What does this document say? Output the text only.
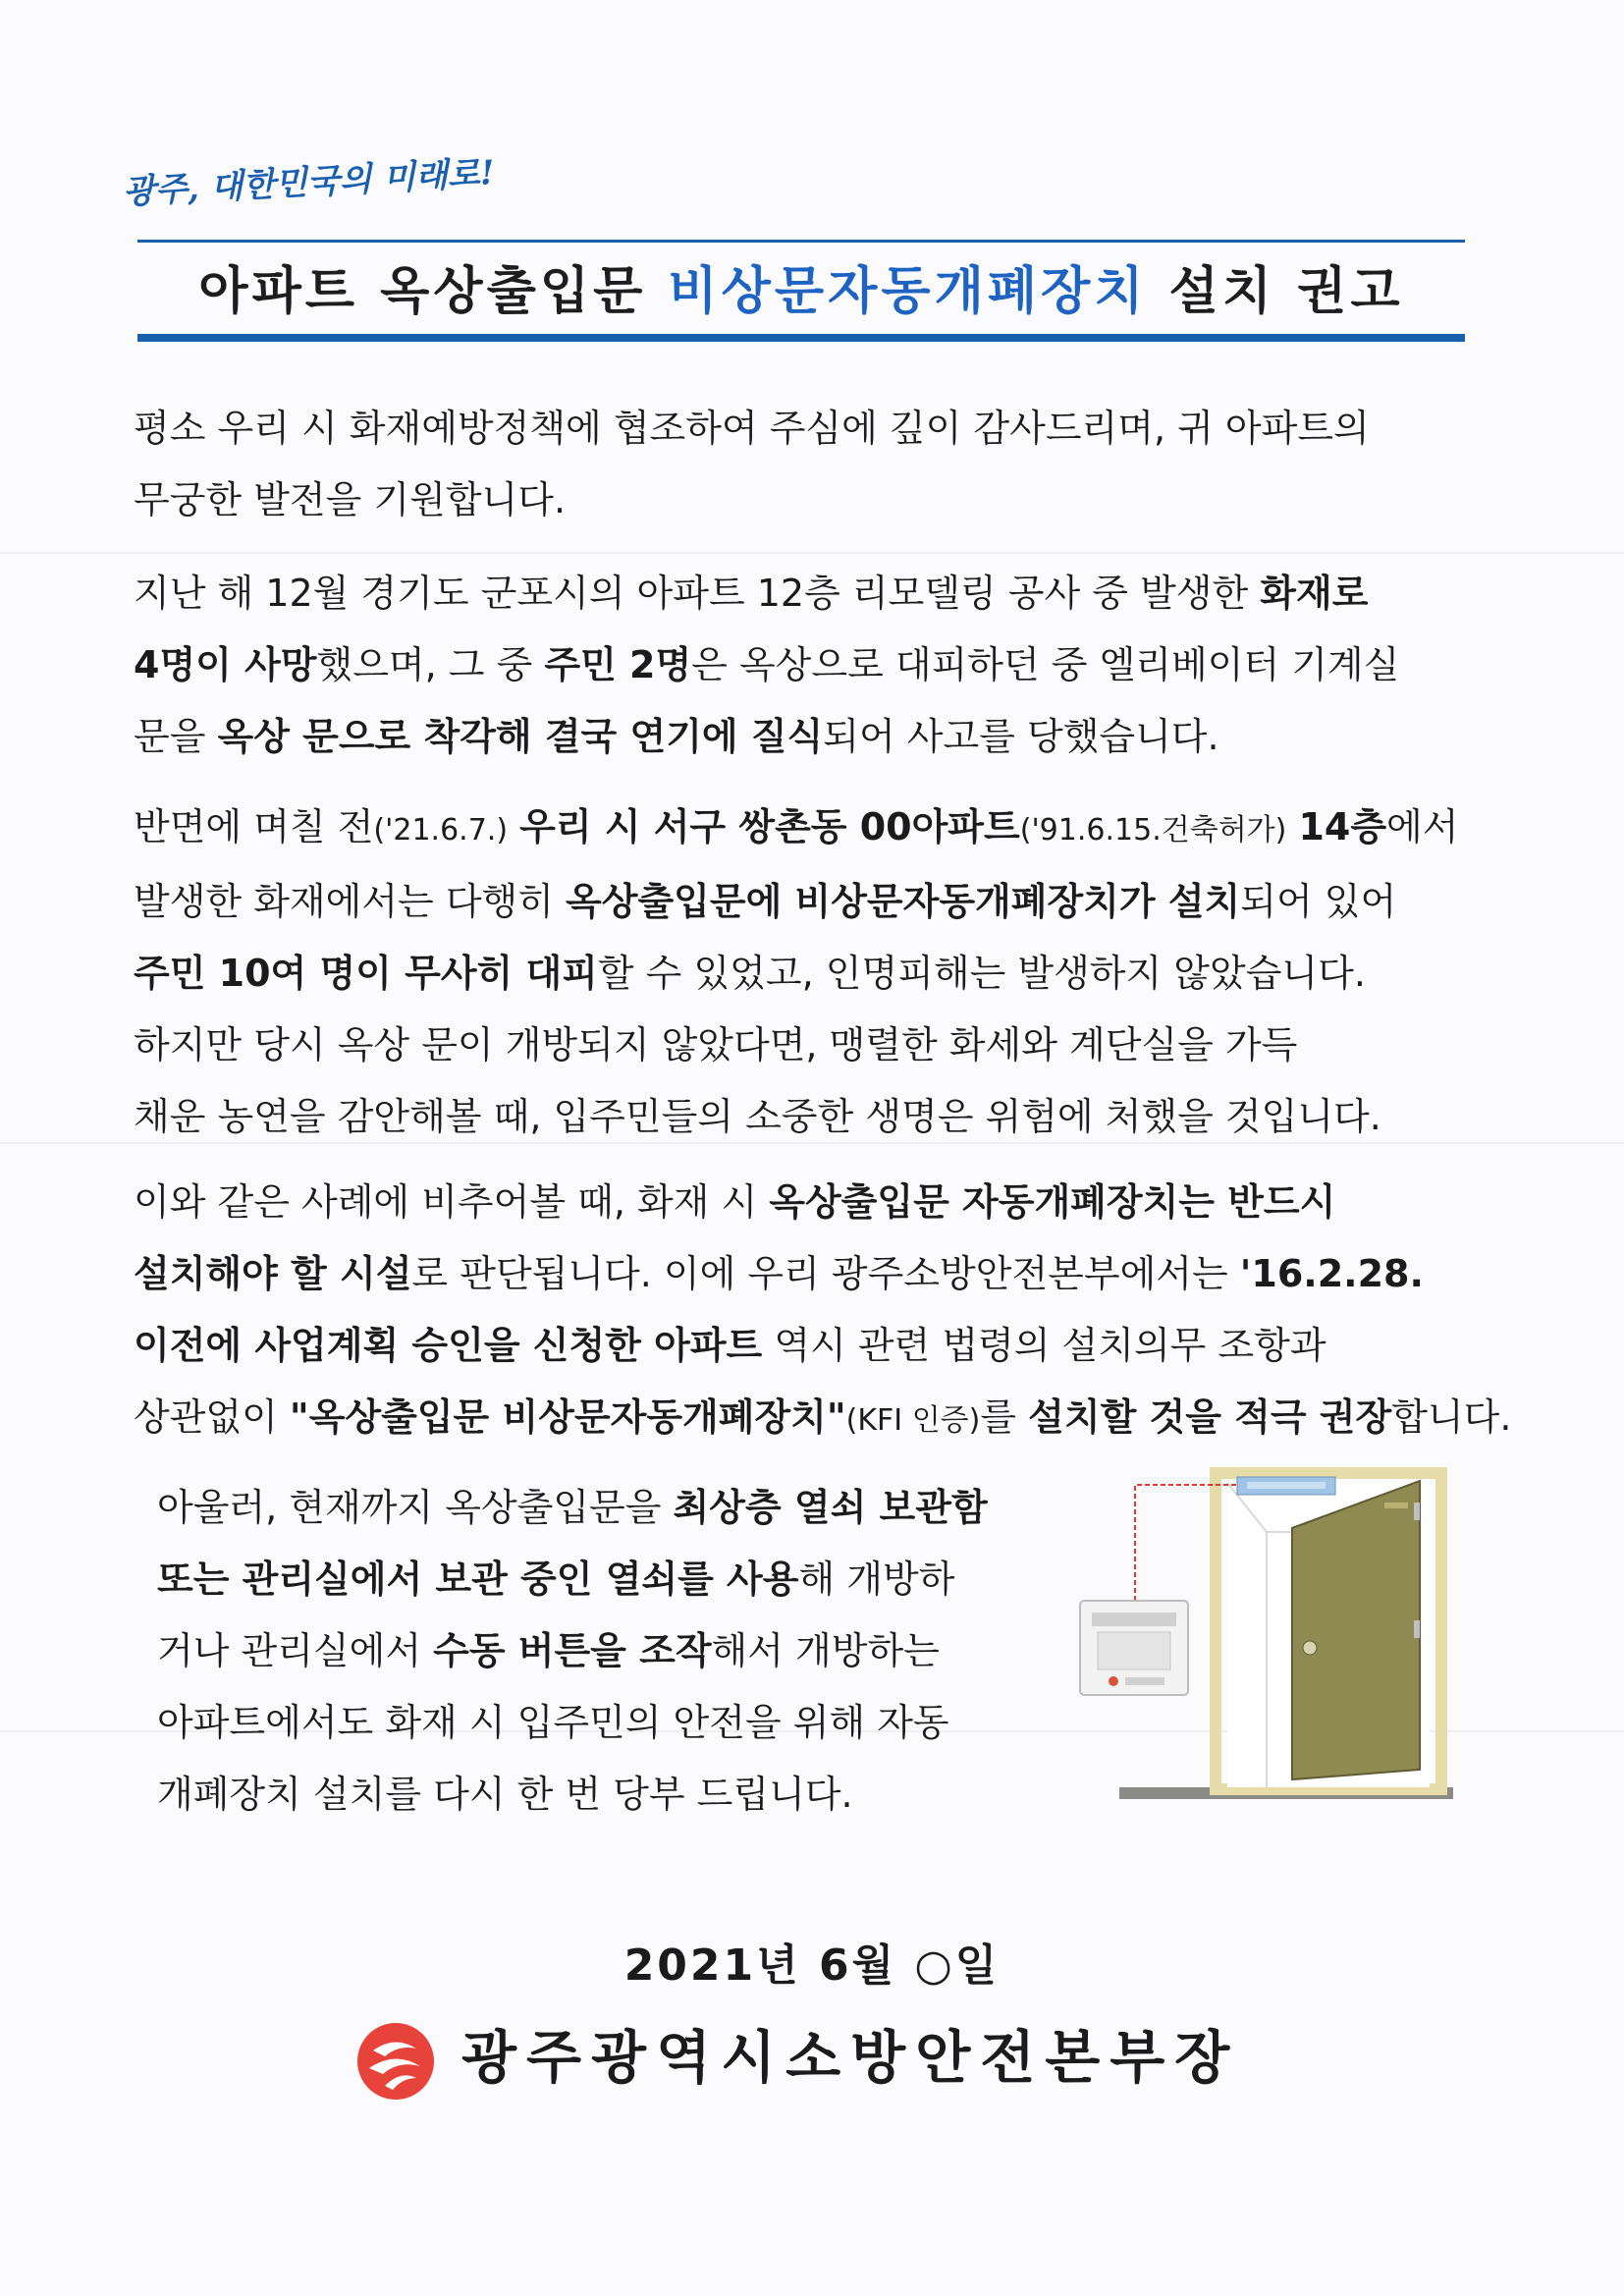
광주, 대한민국의 미래로!
아파트 옥상출입문 비상문자동개폐장치 설치 권고
평소 우리 시 화재예방정책에 협조하여 주심에 깊이 감사드리며, 귀 아파트의
무궁한 발전을 기원합니다.
지난 해 12월 경기도 군포시의 아파트 12층 리모델링 공사 중 발생한 화재로
4명이 사망했으며, 그 중 주민 2명은 옥상으로 대피하던 중 엘리베이터 기계실
문을 옥상 문으로 착각해 결국 연기에 질식되어 사고를 당했습니다.
반면에 며칠 전('21.6.7.) 우리 시 서구 쌍촌동 00아파트('91.6.15.건축허가) 14층에서
발생한 화재에서는 다행히 옥상출입문에 비상문자동개폐장치가 설치되어 있어
주민 10여 명이 무사히 대피할 수 있었고, 인명피해는 발생하지 않았습니다.
하지만 당시 옥상 문이 개방되지 않았다면, 맹렬한 화세와 계단실을 가득
채운 농연을 감안해볼 때, 입주민들의 소중한 생명은 위험에 처했을 것입니다.
이와 같은 사례에 비추어볼 때, 화재 시 옥상출입문 자동개폐장치는 반드시
설치해야 할 시설로 판단됩니다. 이에 우리 광주소방안전본부에서는 '16.2.28.
이전에 사업계획 승인을 신청한 아파트 역시 관련 법령의 설치의무 조항과
상관없이 "옥상출입문 비상문자동개폐장치"(KFI 인증)를 설치할 것을 적극 권장합니다.
아울러, 현재까지 옥상출입문을 최상층 열쇠 보관함
또는 관리실에서 보관 중인 열쇠를 사용해 개방하
거나 관리실에서 수동 버튼을 조작해서 개방하는
아파트에서도 화재 시 입주민의 안전을 위해 자동
개폐장치 설치를 다시 한 번 당부 드립니다.
2021년 6월 ○일
광주광역시소방안전본부장
